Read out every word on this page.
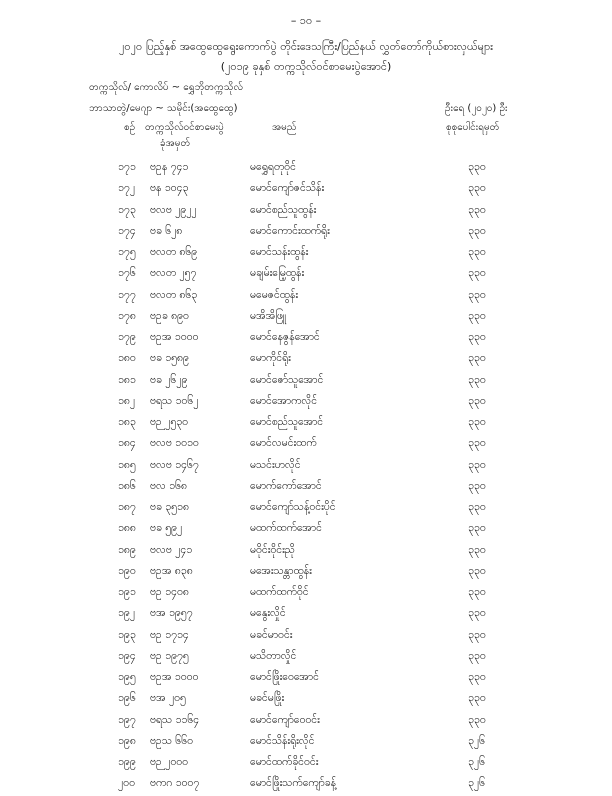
– ၁၀ –
၂၀၂၀ ပြည့်နှစ် အထွေထွေရွေးကောက်ပွဲ တိုင်းဒေသကြီး/ပြည်နယ် လွှတ်တော်ကိုယ်စားလှယ်များ
(၂၀၁၉ ခုနှစ် တက္ကသိုလ်ဝင်စာမေးပွဲအောင်)
တက္ကသိုလ်/ ကောလိပ် ~ ရွှေဘိုတက္ကသိုလ်
ဘာသာတွဲ/မေဂျာ ~ သမိုင်း(အထွေထွေ)	ဦးရေ (၂၀၂၀) ဦး
စဉ် တက္ကသိုလ်ဝင်စာမေးပွဲ
ခုံအမှတ်
အမည်	စုစုပေါင်းရမှတ်
၁၇၁ ဗဥန ၇၄၁	မရွှေရတုဝိုင်	၃၃၀
၁၇၂ ဗန ၁၀၄၃	မောင်ကျော်ဇင်သိန်း	၃၃၀
၁၇၃ ဗလဗ ၂၉၂၂	မောင်စည်သူထွန်း	၃၃၀
၁၇၄ ဗခ ၆၂၈	မောင်ကောင်းထက်ရိုး	၃၃၀
၁၇၅ ဗလတ ၈၆၉	မောင်သန်းထွန်း	၃၃၀
၁၇၆ ဗလတ ၂၅၇	မချမ်းမြေ့ထွန်း	၃၃၀
၁၇၇ ဗလတ ၈၆၃	မမေဇင်ထွန်း	၃၃၀
၁၇၈ ဗဥခ ၈၉၀	မအိအိဖြူ	၃၃၀
၁၇၉ ဗဥအ ၁၀၀၀	မောင်နေဇွန်အောင်	၃၃၀
၁၈၀ ဗခ ၁၅၈၉	မောကိုင်ရိုး	၃၃၀
၁၈၁ ဗခ ၂၆၂၉	မောင်ဇော်သူအောင်	၃၃၀
၁၈၂ ဗရသ ၁၀၆၂	မောင်အောကလိုင်	၃၃၀
၁၈၃ ဗဉ ၂၅၃၀	မောင်စည်သူအောင်	၃၃၀
၁၈၄ ဗလဗ ၁၀၁၀	မောင်လမင်းထက်	၃၃၀
၁၈၅ ဗလဗ ၁၄၆၇	မသင်းဟလိုင်	၃၃၀
၁၈၆ ဗလ ၁၆၈	မောက်ကော်အောင်	၃၃၀
၁၈၇ ဗခ ၃၅၁၈	မောင်ကျော်သန့်ဝင်းပိုင်	၃၃၀
၁၈၈ ဗခ ၅၉၂	မထက်ထက်အောင်	၃၃၀
၁၈၉ ဗလဗ ၂၄၁	မဝိုင်းဝိုင်းညို	၃၃၀
၁၉၀ ဗဥအ ၈၃၈	မအေးသန္တာထွန်း	၃၃၀
၁၉၁ ဗဥ ၁၄၀၈	မထက်ထက်ဝိုင်	၃၃၀
၁၉၂ ဗအ ၁၉၅၇	မနွေးလှိုင်	၃၃၀
၁၉၃ ဗဥ ၁၇၁၄	မခင်မာဝင်း	၃၃၀
၁၉၄ ဗဥ ၁၉၇၅	မသိတာလှိုင်	၃၃၀
၁၉၅ ဗဥအ ၁၀၀၀	မောင်ဖြိုးဝေအောင်	၃၃၀
၁၉၆ ဗအ ၂၀၅	မခင်မဖြိုး	၃၃၀
၁၉၇ ဗရသ ၁၁၆၄	မောင်ကျော်ဝေဝင်း	၃၃၀
၁၉၈ ဗဥသ ၆၆၀	မောင်သိန်းရိုးလိုင်	၃၂၆
၁၉၉ ဗဉ ၂၀၀၀	မောင်ထက်ခိုင်ဝင်း	၃၂၆
၂၀၀ ဗကဂ ၁၀၀၇	မောင်ဖြိုးသက်ကျော်ခန့်	၃၂၆
